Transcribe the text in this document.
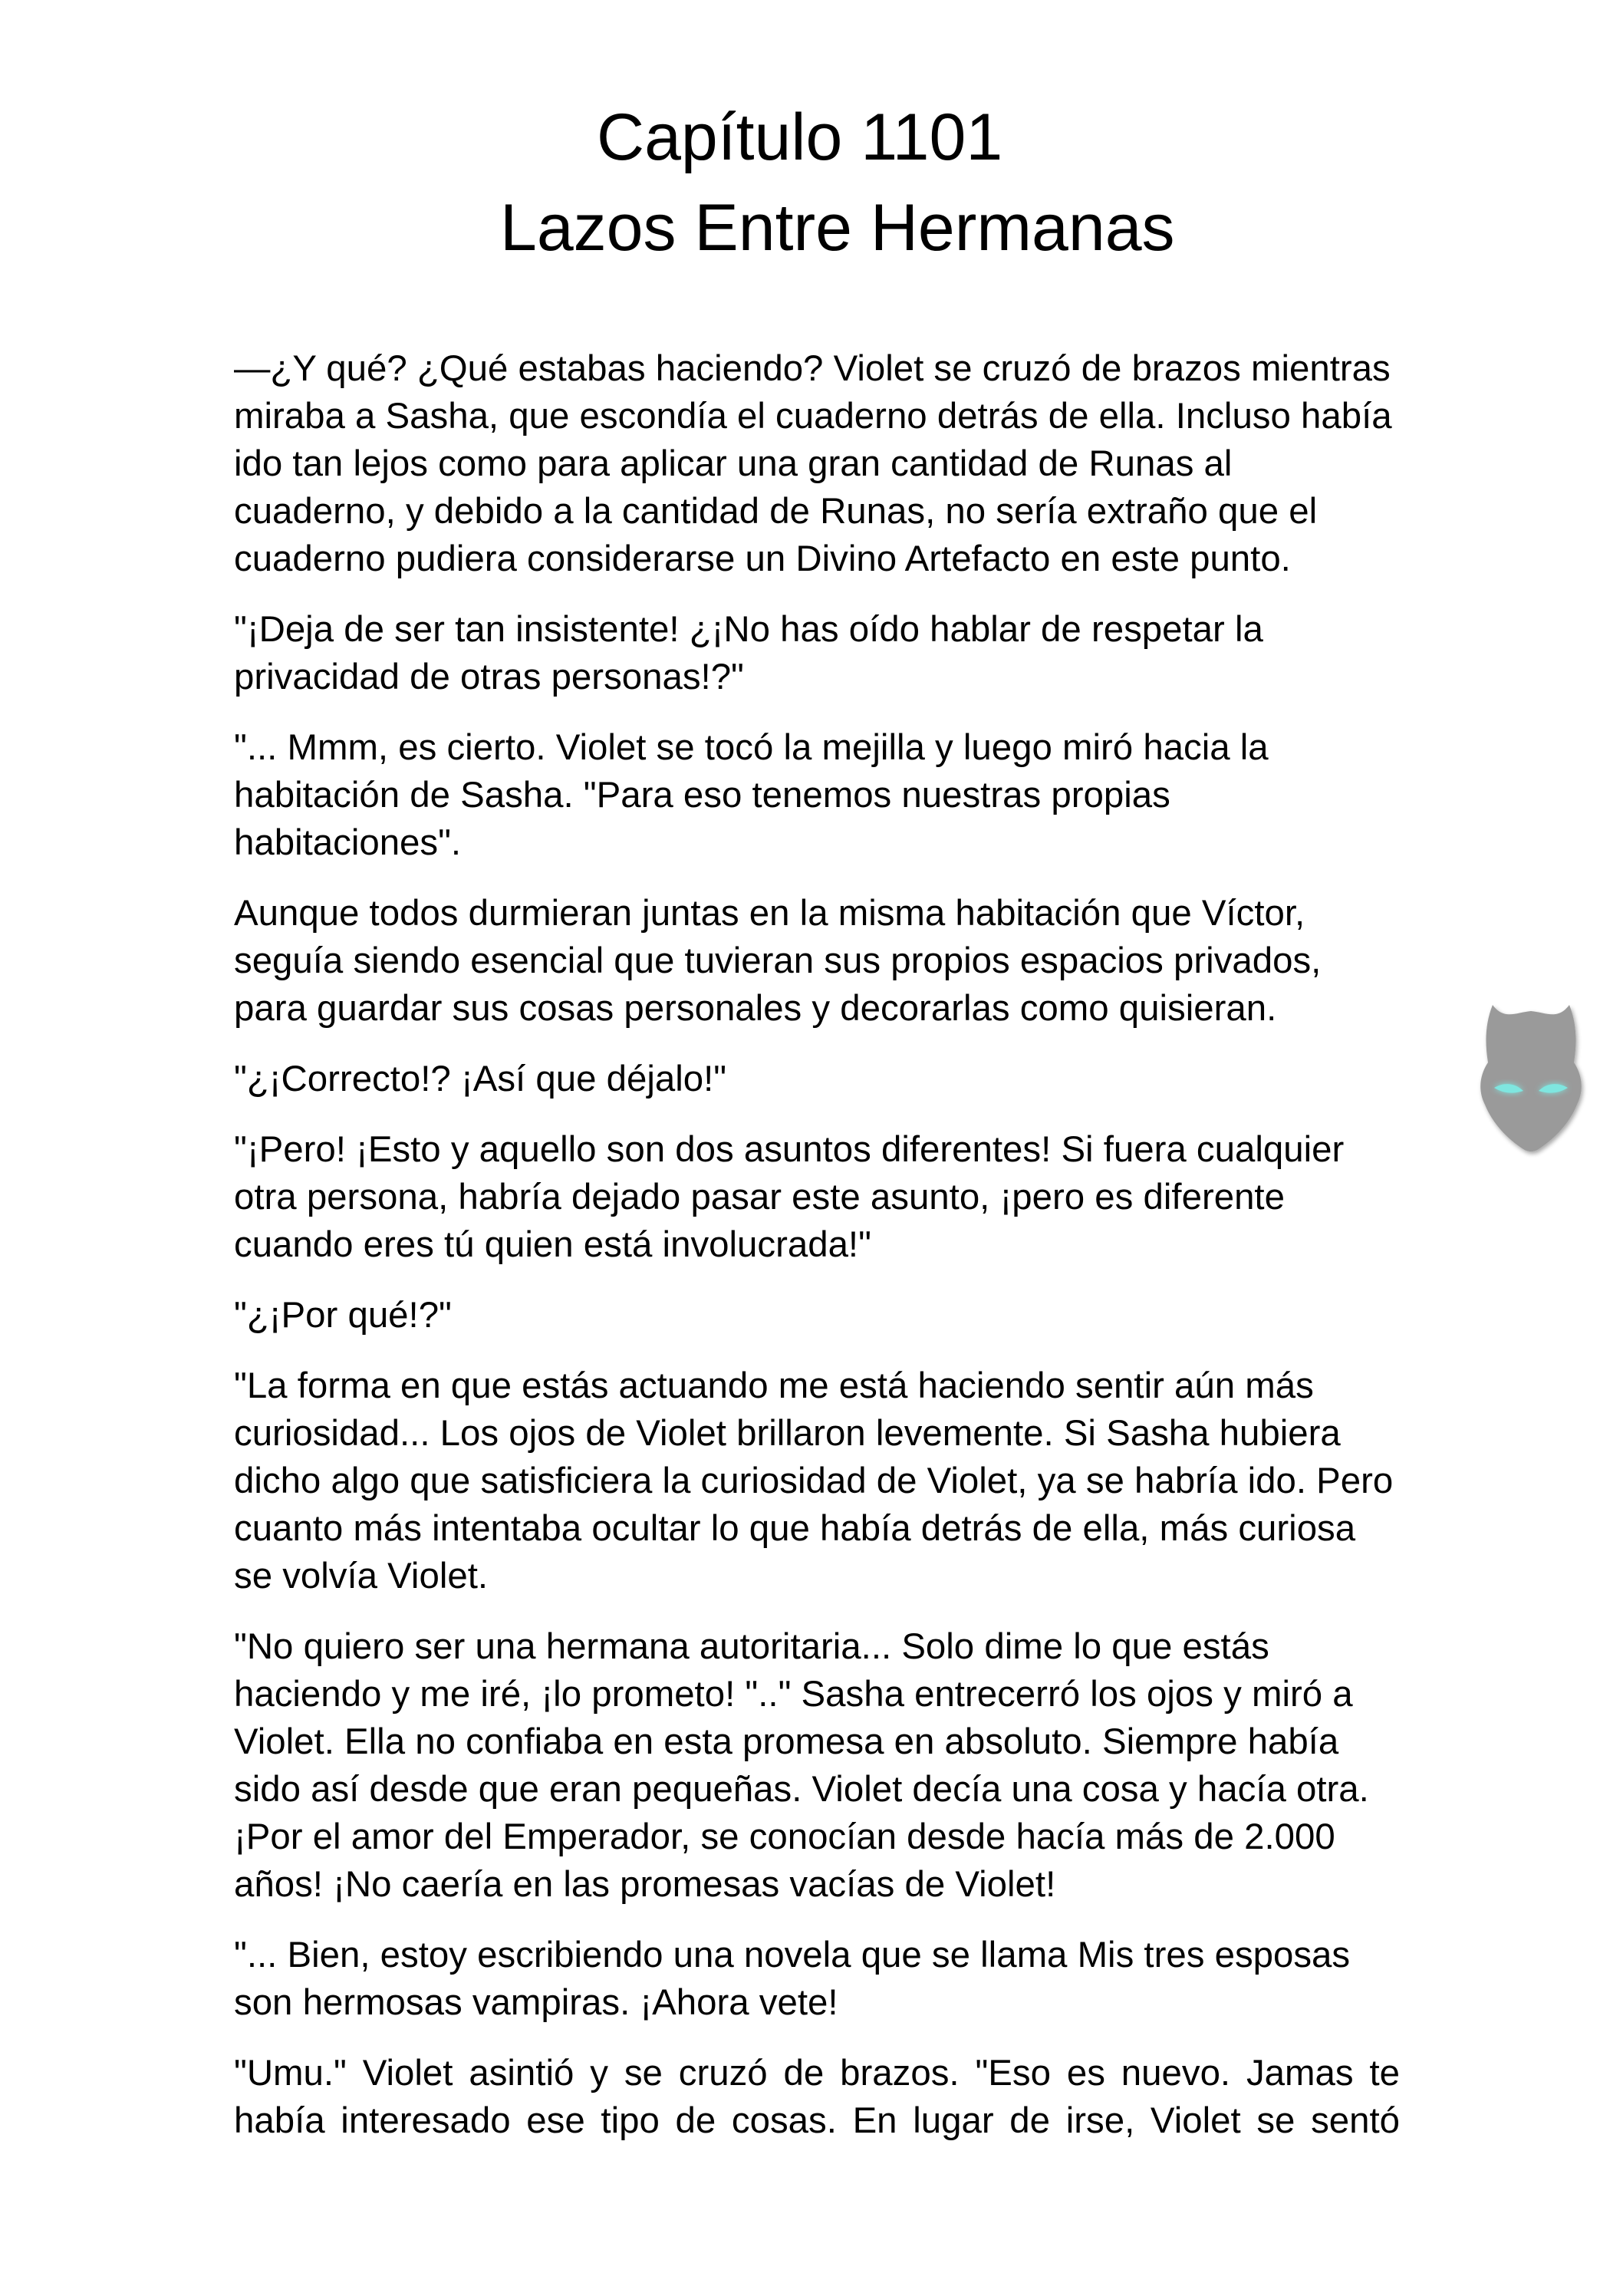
Capítulo 1101
Lazos Entre Hermanas

—¿Y qué? ¿Qué estabas haciendo? Violet se cruzó de brazos mientras miraba a Sasha, que escondía el cuaderno detrás de ella. Incluso había ido tan lejos como para aplicar una gran cantidad de Runas al cuaderno, y debido a la cantidad de Runas, no sería extraño que el cuaderno pudiera considerarse un Divino Artefacto en este punto.

"¡Deja de ser tan insistente! ¿¡No has oído hablar de respetar la privacidad de otras personas!?"

"... Mmm, es cierto. Violet se tocó la mejilla y luego miró hacia la habitación de Sasha. "Para eso tenemos nuestras propias habitaciones".

Aunque todos durmieran juntas en la misma habitación que Víctor, seguía siendo esencial que tuvieran sus propios espacios privados, para guardar sus cosas personales y decorarlas como quisieran.

"¿¡Correcto!? ¡Así que déjalo!"

"¡Pero! ¡Esto y aquello son dos asuntos diferentes! Si fuera cualquier otra persona, habría dejado pasar este asunto, ¡pero es diferente cuando eres tú quien está involucrada!"

"¿¡Por qué!?"

"La forma en que estás actuando me está haciendo sentir aún más curiosidad... Los ojos de Violet brillaron levemente. Si Sasha hubiera dicho algo que satisficiera la curiosidad de Violet, ya se habría ido. Pero cuanto más intentaba ocultar lo que había detrás de ella, más curiosa se volvía Violet.

"No quiero ser una hermana autoritaria... Solo dime lo que estás haciendo y me iré, ¡lo prometo! ".." Sasha entrecerró los ojos y miró a Violet. Ella no confiaba en esta promesa en absoluto. Siempre había sido así desde que eran pequeñas. Violet decía una cosa y hacía otra. ¡Por el amor del Emperador, se conocían desde hacía más de 2.000 años! ¡No caería en las promesas vacías de Violet!

"... Bien, estoy escribiendo una novela que se llama Mis tres esposas son hermosas vampiras. ¡Ahora vete!

"Umu." Violet asintió y se cruzó de brazos. "Eso es nuevo. Jamas te había interesado ese tipo de cosas. En lugar de irse, Violet se sentó
